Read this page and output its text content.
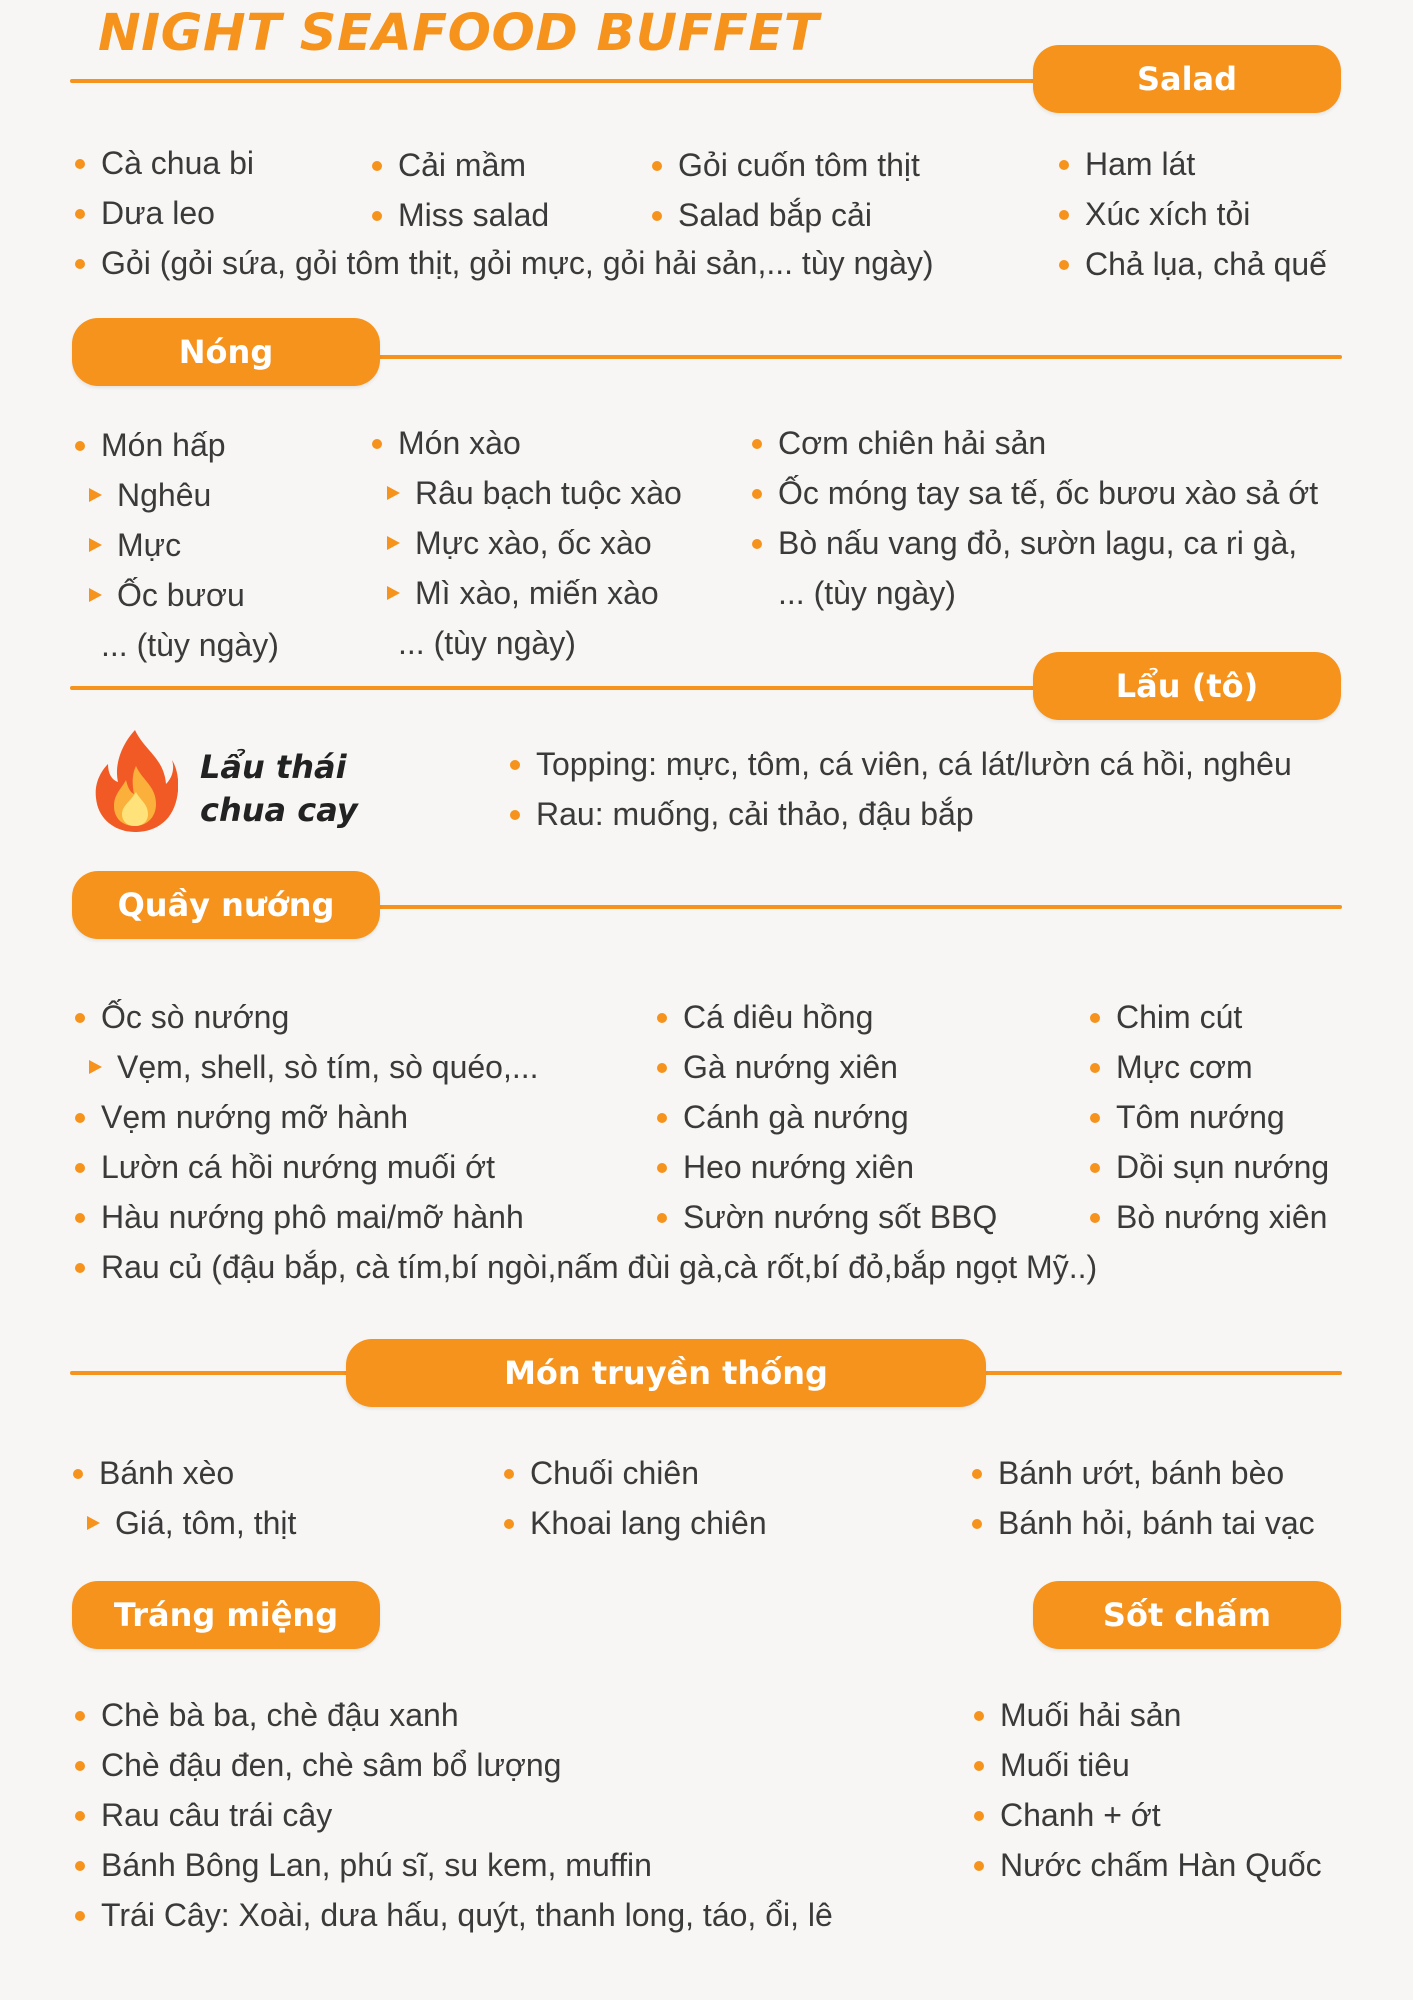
NIGHT SEAFOOD BUFFET
Salad
Cà chua bi	Cải mầm	Gỏi cuốn tôm thịt	Ham lát
Dưa leo	Miss salad	Salad bắp cải	Xúc xích tỏi
Gỏi (gỏi sứa, gỏi tôm thịt, gỏi mực, gỏi hải sản,... tùy ngày)	Chả lụa, chả quế
Nóng
Món hấp
Nghêu
Mực
Ốc bươu
... (tùy ngày)
Món xào
Râu bạch tuộc xào
Mực xào, ốc xào
Mì xào, miến xào
... (tùy ngày)
Cơm chiên hải sản
Ốc móng tay sa tế, ốc bươu xào sả ớt
Bò nấu vang đỏ, sườn lagu, ca ri gà,
... (tùy ngày)
Lẩu (tô)
Lẩu thái
chua cay
Topping: mực, tôm, cá viên, cá lát/lườn cá hồi, nghêu
Rau: muống, cải thảo, đậu bắp
Quầy nướng
Ốc sò nướng
Vẹm, shell, sò tím, sò quéo,...
Vẹm nướng mỡ hành
Lườn cá hồi nướng muối ớt
Hàu nướng phô mai/mỡ hành
Rau củ (đậu bắp, cà tím,bí ngòi,nấm đùi gà,cà rốt,bí đỏ,bắp ngọt Mỹ..)
Cá diêu hồng
Gà nướng xiên
Cánh gà nướng
Heo nướng xiên
Sườn nướng sốt BBQ
Chim cút
Mực cơm
Tôm nướng
Dồi sụn nướng
Bò nướng xiên
Món truyền thống
Bánh xèo
Giá, tôm, thịt
Chuối chiên
Khoai lang chiên
Bánh ướt, bánh bèo
Bánh hỏi, bánh tai vạc
Tráng miệng	Sốt chấm
Chè bà ba, chè đậu xanh
Chè đậu đen, chè sâm bổ lượng
Rau câu trái cây
Bánh Bông Lan, phú sĩ, su kem, muffin
Trái Cây: Xoài, dưa hấu, quýt, thanh long, táo, ổi, lê
Muối hải sản
Muối tiêu
Chanh + ớt
Nước chấm Hàn Quốc
